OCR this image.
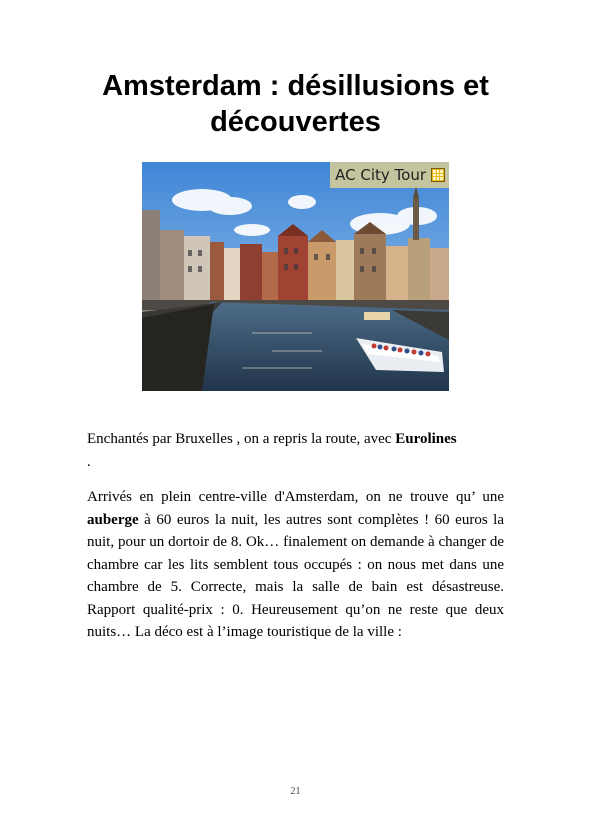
Amsterdam : désillusions et découvertes
AC City Tour

Enchantés par Bruxelles , on a repris la route, avec Eurolines
.

Arrivés en plein centre-ville d'Amsterdam, on ne trouve qu’ une auberge à 60 euros la nuit, les autres sont complètes ! 60 euros la nuit, pour un dortoir de 8. Ok… finalement on demande à changer de chambre car les lits semblent tous occupés : on nous met dans une chambre de 5. Correcte, mais la salle de bain est désastreuse. Rapport qualité-prix : 0. Heureusement qu’on ne reste que deux nuits… La déco est à l’image touristique de la ville :

21
